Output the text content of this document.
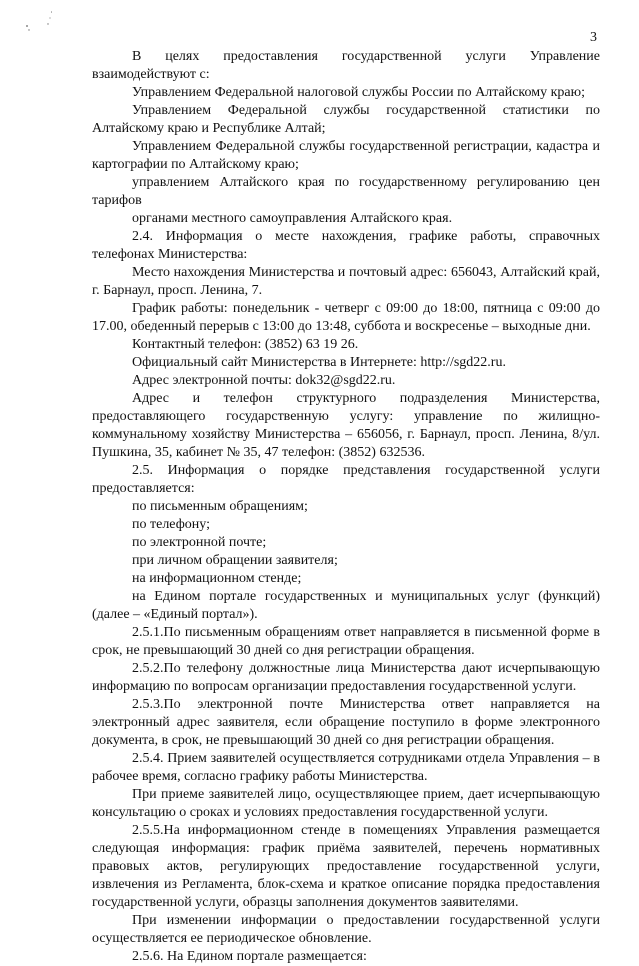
3

В целях предоставления государственной услуги Управление взаимодействуют с:

Управлением Федеральной налоговой службы России по Алтайскому краю;

Управлением Федеральной службы государственной статистики по Алтайскому краю и Республике Алтай;

Управлением Федеральной службы государственной регистрации, кадастра и картографии по Алтайскому краю;

управлением Алтайского края по государственному регулированию цен тарифов

органами местного самоуправления Алтайского края.

2.4. Информация о месте нахождения, графике работы, справочных телефонах Министерства:

Место нахождения Министерства и почтовый адрес: 656043, Алтайский край, г. Барнаул, просп. Ленина, 7.

График работы: понедельник - четверг с 09:00 до 18:00, пятница с 09:00 до 17.00, обеденный перерыв с 13:00 до 13:48, суббота и воскресенье – выходные дни.

Контактный телефон: (3852) 63 19 26.

Официальный сайт Министерства в Интернете: http://sgd22.ru.

Адрес электронной почты: dok32@sgd22.ru.

Адрес и телефон структурного подразделения Министерства, предоставляющего государственную услугу: управление по жилищно-коммунальному хозяйству Министерства – 656056, г. Барнаул, просп. Ленина, 8/ул. Пушкина, 35, кабинет № 35, 47 телефон: (3852) 632536.

2.5. Информация о порядке представления государственной услуги предоставляется:

по письменным обращениям;

по телефону;

по электронной почте;

при личном обращении заявителя;

на информационном стенде;

на Едином портале государственных и муниципальных услуг (функций) (далее – «Единый портал»).

2.5.1.По письменным обращениям ответ направляется в письменной форме в срок, не превышающий 30 дней со дня регистрации обращения.

2.5.2.По телефону должностные лица Министерства дают исчерпывающую информацию по вопросам организации предоставления государственной услуги.

2.5.3.По электронной почте Министерства ответ направляется на электронный адрес заявителя, если обращение поступило в форме электронного документа, в срок, не превышающий 30 дней со дня регистрации обращения.

2.5.4. Прием заявителей осуществляется сотрудниками отдела Управления – в рабочее время, согласно графику работы Министерства.

При приеме заявителей лицо, осуществляющее прием, дает исчерпывающую консультацию о сроках и условиях предоставления государственной услуги.

2.5.5.На информационном стенде в помещениях Управления размещается следующая информация: график приёма заявителей, перечень нормативных правовых актов, регулирующих предоставление государственной услуги, извлечения из Регламента, блок-схема и краткое описание порядка предоставления государственной услуги, образцы заполнения документов заявителями.

При изменении информации о предоставлении государственной услуги осуществляется ее периодическое обновление.

2.5.6. На Едином портале размещается:
